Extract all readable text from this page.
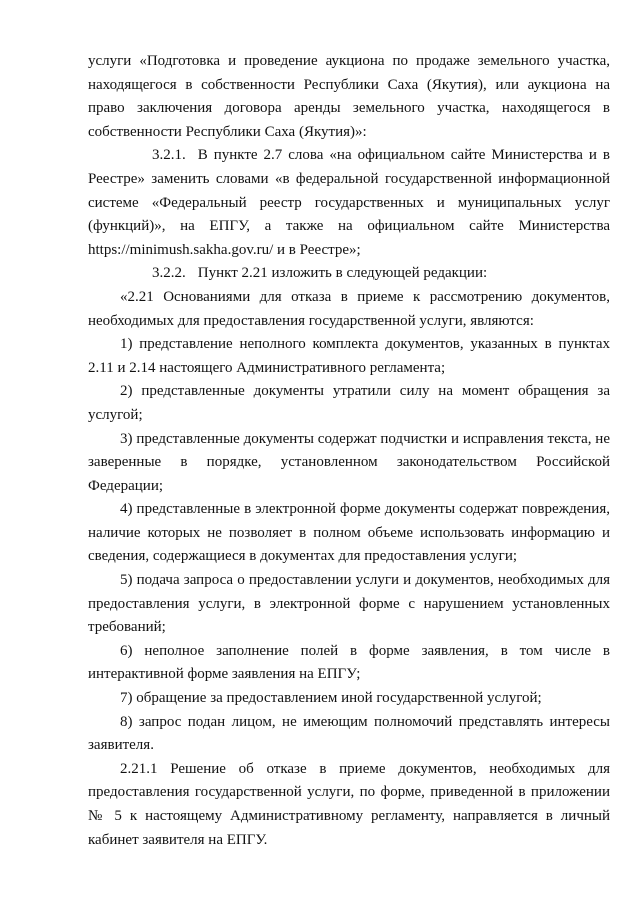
услуги «Подготовка и проведение аукциона по продаже земельного участка, находящегося в собственности Республики Саха (Якутия), или аукциона на право заключения договора аренды земельного участка, находящегося в собственности Республики Саха (Якутия)»:

3.2.1. В пункте 2.7 слова «на официальном сайте Министерства и в Реестре» заменить словами «в федеральной государственной информационной системе «Федеральный реестр государственных и муниципальных услуг (функций)», на ЕПГУ, а также на официальном сайте Министерства https://minimush.sakha.gov.ru/ и в Реестре»;

3.2.2. Пункт 2.21 изложить в следующей редакции:

«2.21 Основаниями для отказа в приеме к рассмотрению документов, необходимых для предоставления государственной услуги, являются:

1) представление неполного комплекта документов, указанных в пунктах 2.11 и 2.14 настоящего Административного регламента;

2) представленные документы утратили силу на момент обращения за услугой;

3) представленные документы содержат подчистки и исправления текста, не заверенные в порядке, установленном законодательством Российской Федерации;

4) представленные в электронной форме документы содержат повреждения, наличие которых не позволяет в полном объеме использовать информацию и сведения, содержащиеся в документах для предоставления услуги;

5) подача запроса о предоставлении услуги и документов, необходимых для предоставления услуги, в электронной форме с нарушением установленных требований;

6) неполное заполнение полей в форме заявления, в том числе в интерактивной форме заявления на ЕПГУ;

7) обращение за предоставлением иной государственной услугой;

8) запрос подан лицом, не имеющим полномочий представлять интересы заявителя.

2.21.1 Решение об отказе в приеме документов, необходимых для предоставления государственной услуги, по форме, приведенной в приложении № 5 к настоящему Административному регламенту, направляется в личный кабинет заявителя на ЕПГУ.
